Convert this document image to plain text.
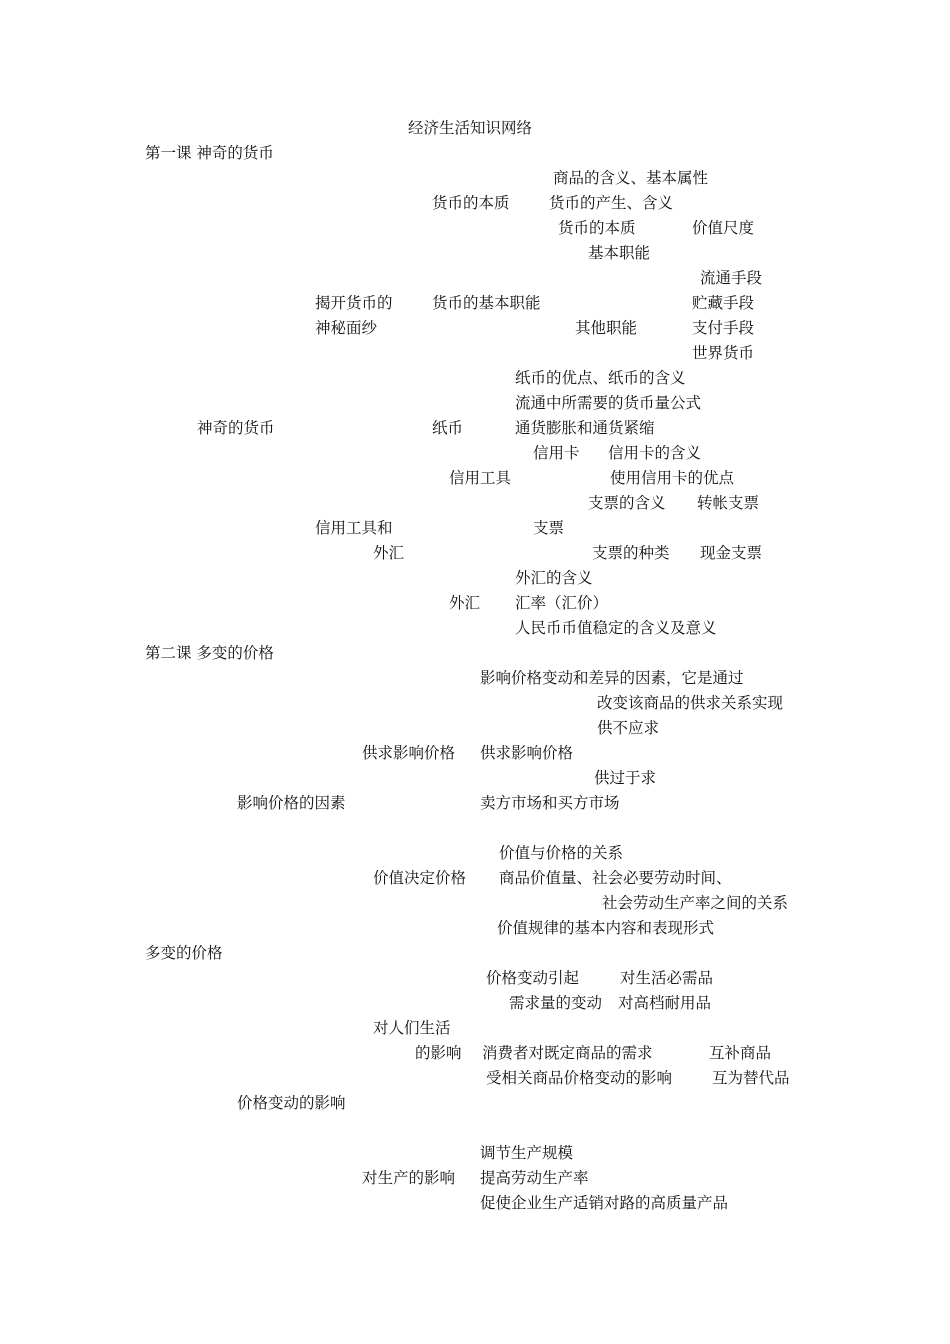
经济生活知识网络
第一课 神奇的货币
商品的含义、基本属性
货币的本质	货币的产生、含义
货币的本质	价值尺度
基本职能
流通手段
揭开货币的	货币的基本职能	贮藏手段
神秘面纱	其他职能	支付手段
世界货币
纸币的优点、纸币的含义
流通中所需要的货币量公式
神奇的货币	纸币	通货膨胀和通货紧缩
信用卡 信用卡的含义
信用工具	使用信用卡的优点
支票的含义 转帐支票
信用工具和	支票
外汇	支票的种类 现金支票
外汇的含义
外汇 汇率（汇价）
人民币币值稳定的含义及意义
第二课 多变的价格
影响价格变动和差异的因素，它是通过
改变该商品的供求关系实现
供不应求
供求影响价格 供求影响价格
供过于求
影响价格的因素	卖方市场和买方市场
价值与价格的关系
价值决定价格 商品价值量、社会必要劳动时间、
社会劳动生产率之间的关系
价值规律的基本内容和表现形式
多变的价格
价格变动引起	对生活必需品
需求量的变动 对高档耐用品
对人们生活
的影响 消费者对既定商品的需求	互补商品
受相关商品价格变动的影响	互为替代品
价格变动的影响
调节生产规模
对生产的影响 提高劳动生产率
促使企业生产适销对路的高质量产品
